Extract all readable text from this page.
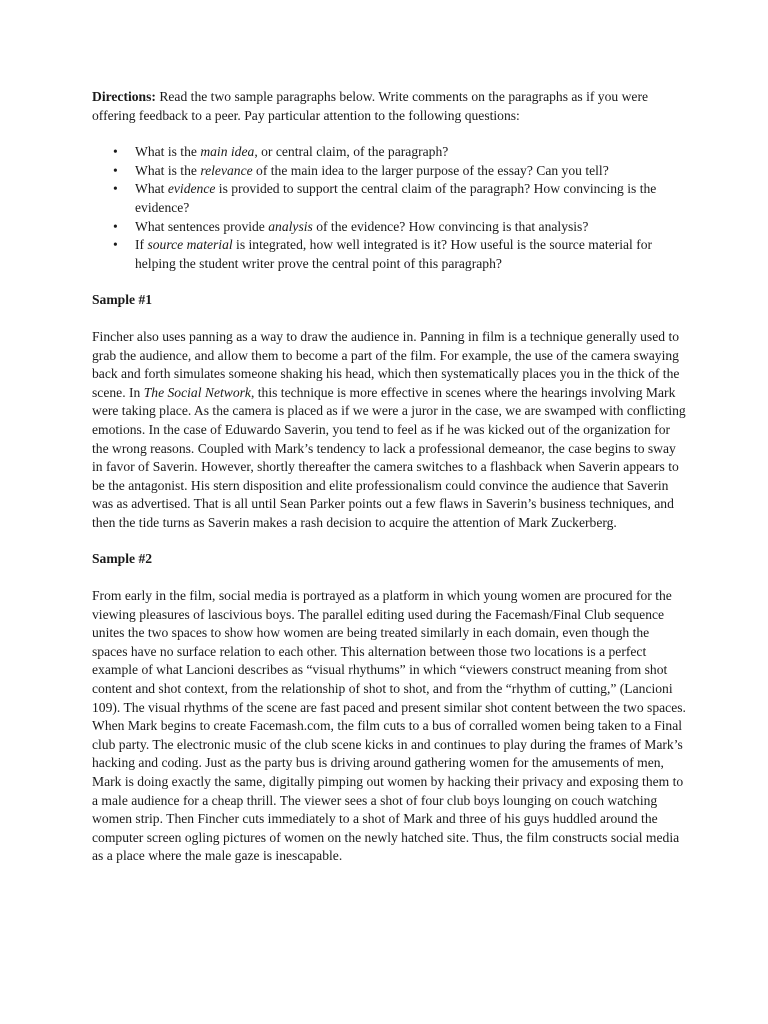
Directions: Read the two sample paragraphs below. Write comments on the paragraphs as if you were offering feedback to a peer. Pay particular attention to the following questions:

• What is the main idea, or central claim, of the paragraph?
• What is the relevance of the main idea to the larger purpose of the essay? Can you tell?
• What evidence is provided to support the central claim of the paragraph? How convincing is the evidence?
• What sentences provide analysis of the evidence? How convincing is that analysis?
• If source material is integrated, how well integrated is it? How useful is the source material for helping the student writer prove the central point of this paragraph?

Sample #1

Fincher also uses panning as a way to draw the audience in. Panning in film is a technique generally used to grab the audience, and allow them to become a part of the film. For example, the use of the camera swaying back and forth simulates someone shaking his head, which then systematically places you in the thick of the scene. In The Social Network, this technique is more effective in scenes where the hearings involving Mark were taking place. As the camera is placed as if we were a juror in the case, we are swamped with conflicting emotions. In the case of Eduwardo Saverin, you tend to feel as if he was kicked out of the organization for the wrong reasons. Coupled with Mark’s tendency to lack a professional demeanor, the case begins to sway in favor of Saverin. However, shortly thereafter the camera switches to a flashback when Saverin appears to be the antagonist. His stern disposition and elite professionalism could convince the audience that Saverin was as advertised. That is all until Sean Parker points out a few flaws in Saverin’s business techniques, and then the tide turns as Saverin makes a rash decision to acquire the attention of Mark Zuckerberg.

Sample #2

From early in the film, social media is portrayed as a platform in which young women are procured for the viewing pleasures of lascivious boys. The parallel editing used during the Facemash/Final Club sequence unites the two spaces to show how women are being treated similarly in each domain, even though the spaces have no surface relation to each other. This alternation between those two locations is a perfect example of what Lancioni describes as “visual rhythums” in which “viewers construct meaning from shot content and shot context, from the relationship of shot to shot, and from the “rhythm of cutting,” (Lancioni 109). The visual rhythms of the scene are fast paced and present similar shot content between the two spaces. When Mark begins to create Facemash.com, the film cuts to a bus of corralled women being taken to a Final club party. The electronic music of the club scene kicks in and continues to play during the frames of Mark’s hacking and coding. Just as the party bus is driving around gathering women for the amusements of men, Mark is doing exactly the same, digitally pimping out women by hacking their privacy and exposing them to a male audience for a cheap thrill. The viewer sees a shot of four club boys lounging on couch watching women strip. Then Fincher cuts immediately to a shot of Mark and three of his guys huddled around the computer screen ogling pictures of women on the newly hatched site. Thus, the film constructs social media as a place where the male gaze is inescapable.
